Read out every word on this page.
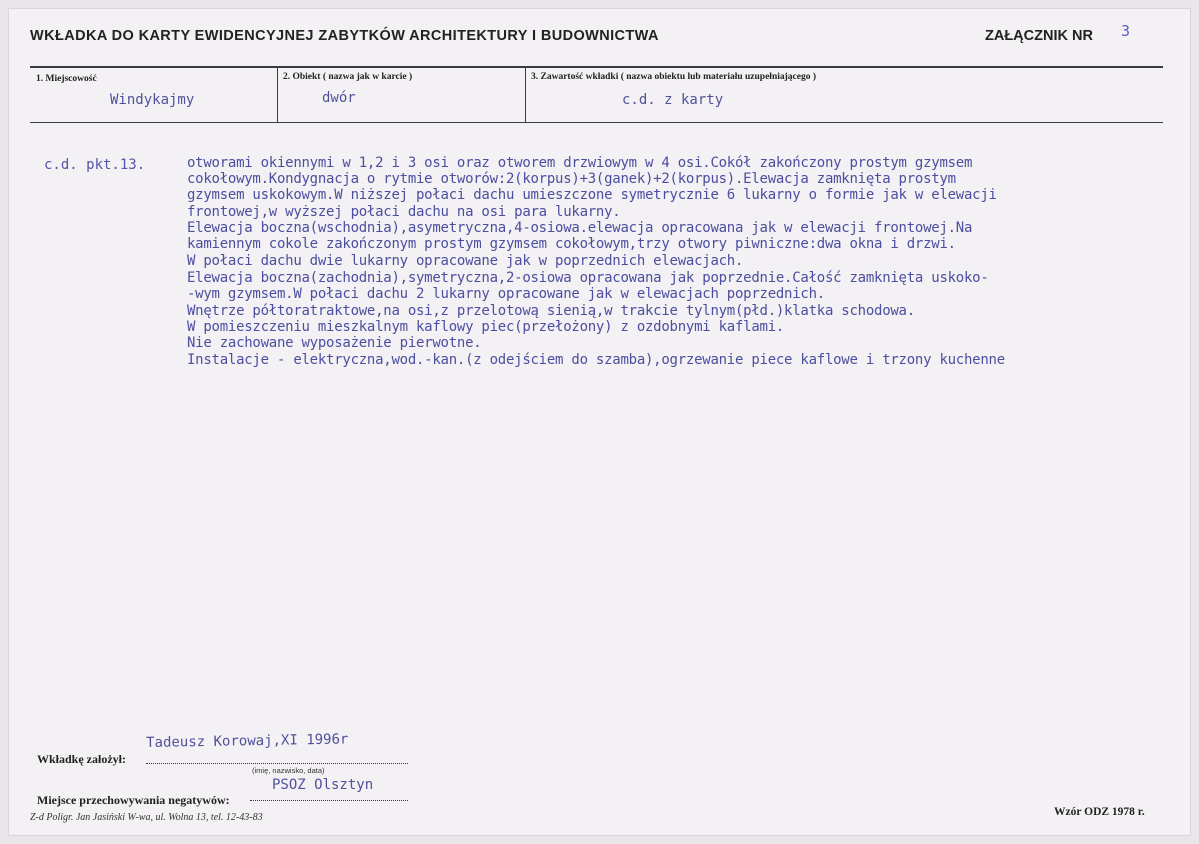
WKŁADKA DO KARTY EWIDENCYJNEJ ZABYTKÓW ARCHITEKTURY I BUDOWNICTWA	ZAŁĄCZNIK NR 3
1. Miejscowość
Windykajmy
2. Obiekt ( nazwa jak w karcie )
dwór
3. Zawartość wkładki ( nazwa obiektu lub materiału uzupełniającego )
c.d. z karty
c.d. pkt.13.	otworami okiennymi w 1,2 i 3 osi oraz otworem drzwiowym w 4 osi.Cokół zakończony prostym gzymsem
cokołowym.Kondygnacja o rytmie otworów:2(korpus)+3(ganek)+2(korpus).Elewacja zamknięta prostym
gzymsem uskokowym.W niższej połaci dachu umieszczone symetrycznie 6 lukarny o formie jak w elewacji
frontowej,w wyższej połaci dachu na osi para lukarny.
Elewacja boczna(wschodnia),asymetryczna,4-osiowa.elewacja opracowana jak w elewacji frontowej.Na
kamiennym cokole zakończonym prostym gzymsem cokołowym,trzy otwory piwniczne:dwa okna i drzwi.
W połaci dachu dwie lukarny opracowane jak w poprzednich elewacjach.
Elewacja boczna(zachodnia),symetryczna,2-osiowa opracowana jak poprzednie.Całość zamknięta uskoko-
-wym gzymsem.W połaci dachu 2 lukarny opracowane jak w elewacjach poprzednich.
Wnętrze półtoratraktowe,na osi,z przelotową sienią,w trakcie tylnym(płd.)klatka schodowa.
W pomieszczeniu mieszkalnym kaflowy piec(przełożony) z ozdobnymi kaflami.
Nie zachowane wyposażenie pierwotne.
Instalacje - elektryczna,wod.-kan.(z odejściem do szamba),ogrzewanie piece kaflowe i trzony kuchenne
Tadeusz Korowaj,XI 1996r
Wkładkę założył:
(imię, nazwisko, data)
PSOZ Olsztyn
Miejsce przechowywania negatywów:
Z-d Poligr. Jan Jasiński W-wa, ul. Wolna 13, tel. 12-43-83	Wzór ODZ 1978 r.
